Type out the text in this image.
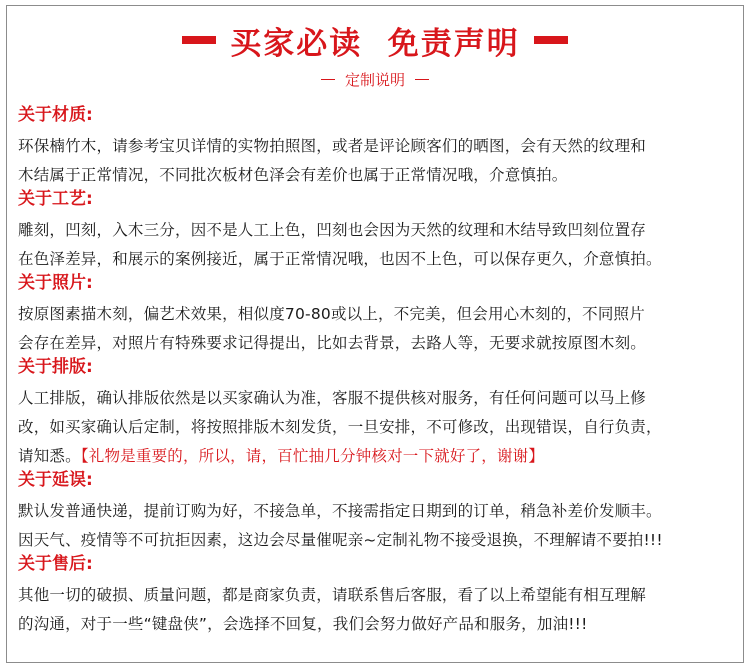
买家必读  免责声明
定制说明
关于材质:
环保楠竹木，请参考宝贝详情的实物拍照图，或者是评论顾客们的晒图，会有天然的纹理和
木结属于正常情况，不同批次板材色泽会有差价也属于正常情况哦，介意慎拍。
关于工艺:
雕刻，凹刻，入木三分，因不是人工上色，凹刻也会因为天然的纹理和木结导致凹刻位置存
在色泽差异，和展示的案例接近，属于正常情况哦，也因不上色，可以保存更久，介意慎拍。
关于照片:
按原图素描木刻，偏艺术效果，相似度70-80或以上，不完美，但会用心木刻的，不同照片
会存在差异，对照片有特殊要求记得提出，比如去背景，去路人等，无要求就按原图木刻。
关于排版:
人工排版，确认排版依然是以买家确认为准，客服不提供核对服务，有任何问题可以马上修
改，如买家确认后定制，将按照排版木刻发货，一旦安排，不可修改，出现错误，自行负责，
请知悉。【礼物是重要的，所以，请，百忙抽几分钟核对一下就好了，谢谢】
关于延误:
默认发普通快递，提前订购为好，不接急单，不接需指定日期到的订单，稍急补差价发顺丰。
因天气、疫情等不可抗拒因素，这边会尽量催呢亲~定制礼物不接受退换，不理解请不要拍!!!
关于售后:
其他一切的破损、质量问题，都是商家负责，请联系售后客服，看了以上希望能有相互理解
的沟通，对于一些“键盘侠”，会选择不回复，我们会努力做好产品和服务，加油!!!
